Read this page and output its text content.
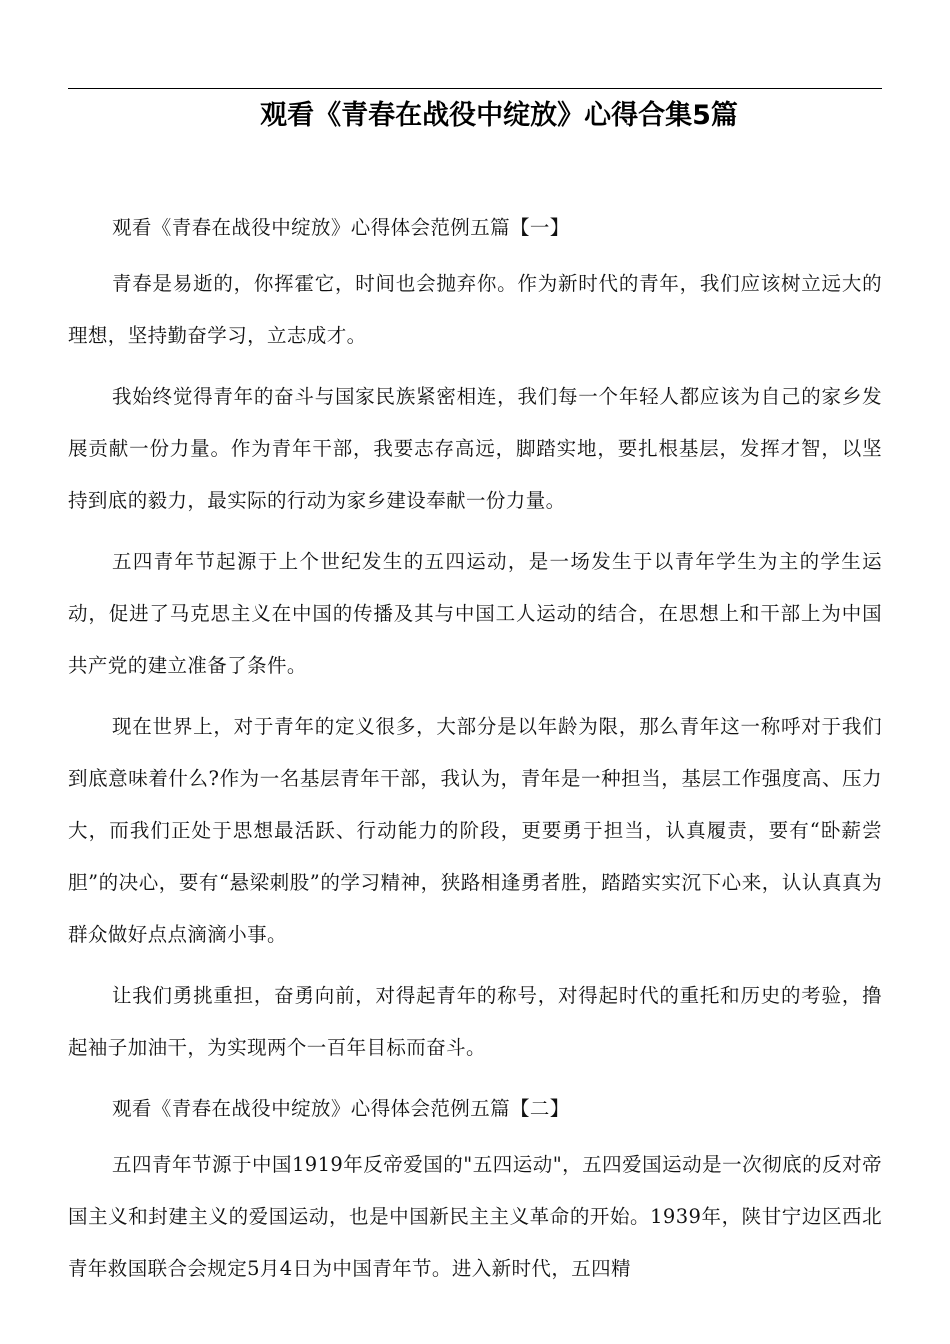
观看《青春在战役中绽放》心得合集5篇

观看《青春在战役中绽放》心得体会范例五篇【一】

青春是易逝的，你挥霍它，时间也会抛弃你。作为新时代的青年，我们应该树立远大的理想，坚持勤奋学习，立志成才。

我始终觉得青年的奋斗与国家民族紧密相连，我们每一个年轻人都应该为自己的家乡发展贡献一份力量。作为青年干部，我要志存高远，脚踏实地，要扎根基层，发挥才智，以坚持到底的毅力，最实际的行动为家乡建设奉献一份力量。

五四青年节起源于上个世纪发生的五四运动，是一场发生于以青年学生为主的学生运动，促进了马克思主义在中国的传播及其与中国工人运动的结合，在思想上和干部上为中国共产党的建立准备了条件。

现在世界上，对于青年的定义很多，大部分是以年龄为限，那么青年这一称呼对于我们到底意味着什么?作为一名基层青年干部，我认为，青年是一种担当，基层工作强度高、压力大，而我们正处于思想最活跃、行动能力的阶段，更要勇于担当，认真履责，要有“卧薪尝胆”的决心，要有“悬梁刺股”的学习精神，狭路相逢勇者胜，踏踏实实沉下心来，认认真真为群众做好点点滴滴小事。

让我们勇挑重担，奋勇向前，对得起青年的称号，对得起时代的重托和历史的考验，撸起袖子加油干，为实现两个一百年目标而奋斗。

观看《青春在战役中绽放》心得体会范例五篇【二】

五四青年节源于中国1919年反帝爱国的"五四运动"，五四爱国运动是一次彻底的反对帝国主义和封建主义的爱国运动，也是中国新民主主义革命的开始。1939年，陕甘宁边区西北青年救国联合会规定5月4日为中国青年节。进入新时代，五四精
